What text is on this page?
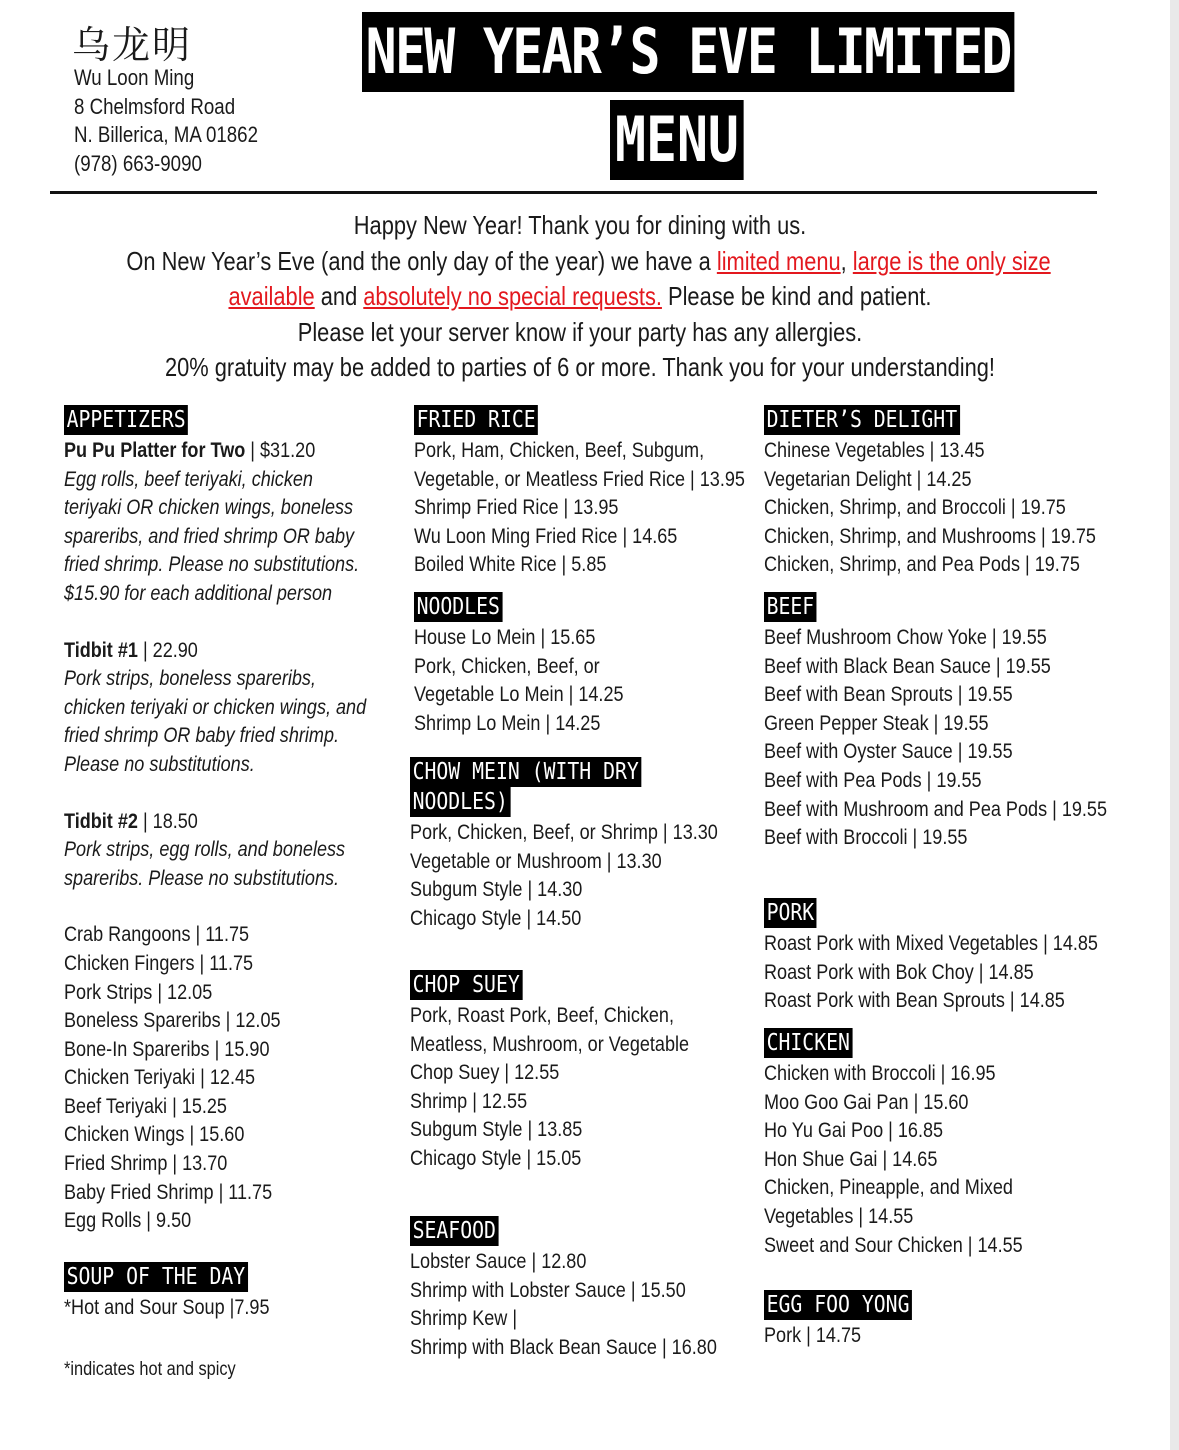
乌龙明
Wu Loon Ming
8 Chelmsford Road
N. Billerica, MA 01862
(978) 663-9090
NEW YEAR’S EVE LIMITED
MENU
Happy New Year! Thank you for dining with us.
On New Year’s Eve (and the only day of the year) we have a limited menu, large is the only size
available and absolutely no special requests. Please be kind and patient.
Please let your server know if your party has any allergies.
20% gratuity may be added to parties of 6 or more. Thank you for your understanding!
APPETIZERS
Pu Pu Platter for Two | $31.20
Egg rolls, beef teriyaki, chicken
teriyaki OR chicken wings, boneless
spareribs, and fried shrimp OR baby
fried shrimp. Please no substitutions.
$15.90 for each additional person
Tidbit #1 | 22.90
Pork strips, boneless spareribs,
chicken teriyaki or chicken wings, and
fried shrimp OR baby fried shrimp.
Please no substitutions.
Tidbit #2 | 18.50
Pork strips, egg rolls, and boneless
spareribs. Please no substitutions.
Crab Rangoons | 11.75
Chicken Fingers | 11.75
Pork Strips | 12.05
Boneless Spareribs | 12.05
Bone-In Spareribs | 15.90
Chicken Teriyaki | 12.45
Beef Teriyaki | 15.25
Chicken Wings | 15.60
Fried Shrimp | 13.70
Baby Fried Shrimp | 11.75
Egg Rolls | 9.50
SOUP OF THE DAY
*Hot and Sour Soup |7.95
*indicates hot and spicy
FRIED RICE
Pork, Ham, Chicken, Beef, Subgum,
Vegetable, or Meatless Fried Rice | 13.95
Shrimp Fried Rice | 13.95
Wu Loon Ming Fried Rice | 14.65
Boiled White Rice | 5.85
NOODLES
House Lo Mein | 15.65
Pork, Chicken, Beef, or
Vegetable Lo Mein | 14.25
Shrimp Lo Mein | 14.25
CHOW MEIN (WITH DRY
NOODLES)
Pork, Chicken, Beef, or Shrimp | 13.30
Vegetable or Mushroom | 13.30
Subgum Style | 14.30
Chicago Style | 14.50
CHOP SUEY
Pork, Roast Pork, Beef, Chicken,
Meatless, Mushroom, or Vegetable
Chop Suey | 12.55
Shrimp | 12.55
Subgum Style | 13.85
Chicago Style | 15.05
SEAFOOD
Lobster Sauce | 12.80
Shrimp with Lobster Sauce | 15.50
Shrimp Kew |
Shrimp with Black Bean Sauce | 16.80
DIETER’S DELIGHT
Chinese Vegetables | 13.45
Vegetarian Delight | 14.25
Chicken, Shrimp, and Broccoli | 19.75
Chicken, Shrimp, and Mushrooms | 19.75
Chicken, Shrimp, and Pea Pods | 19.75
BEEF
Beef Mushroom Chow Yoke | 19.55
Beef with Black Bean Sauce | 19.55
Beef with Bean Sprouts | 19.55
Green Pepper Steak | 19.55
Beef with Oyster Sauce | 19.55
Beef with Pea Pods | 19.55
Beef with Mushroom and Pea Pods | 19.55
Beef with Broccoli | 19.55
PORK
Roast Pork with Mixed Vegetables | 14.85
Roast Pork with Bok Choy | 14.85
Roast Pork with Bean Sprouts | 14.85
CHICKEN
Chicken with Broccoli | 16.95
Moo Goo Gai Pan | 15.60
Ho Yu Gai Poo | 16.85
Hon Shue Gai | 14.65
Chicken, Pineapple, and Mixed
Vegetables | 14.55
Sweet and Sour Chicken | 14.55
EGG FOO YONG
Pork | 14.75
